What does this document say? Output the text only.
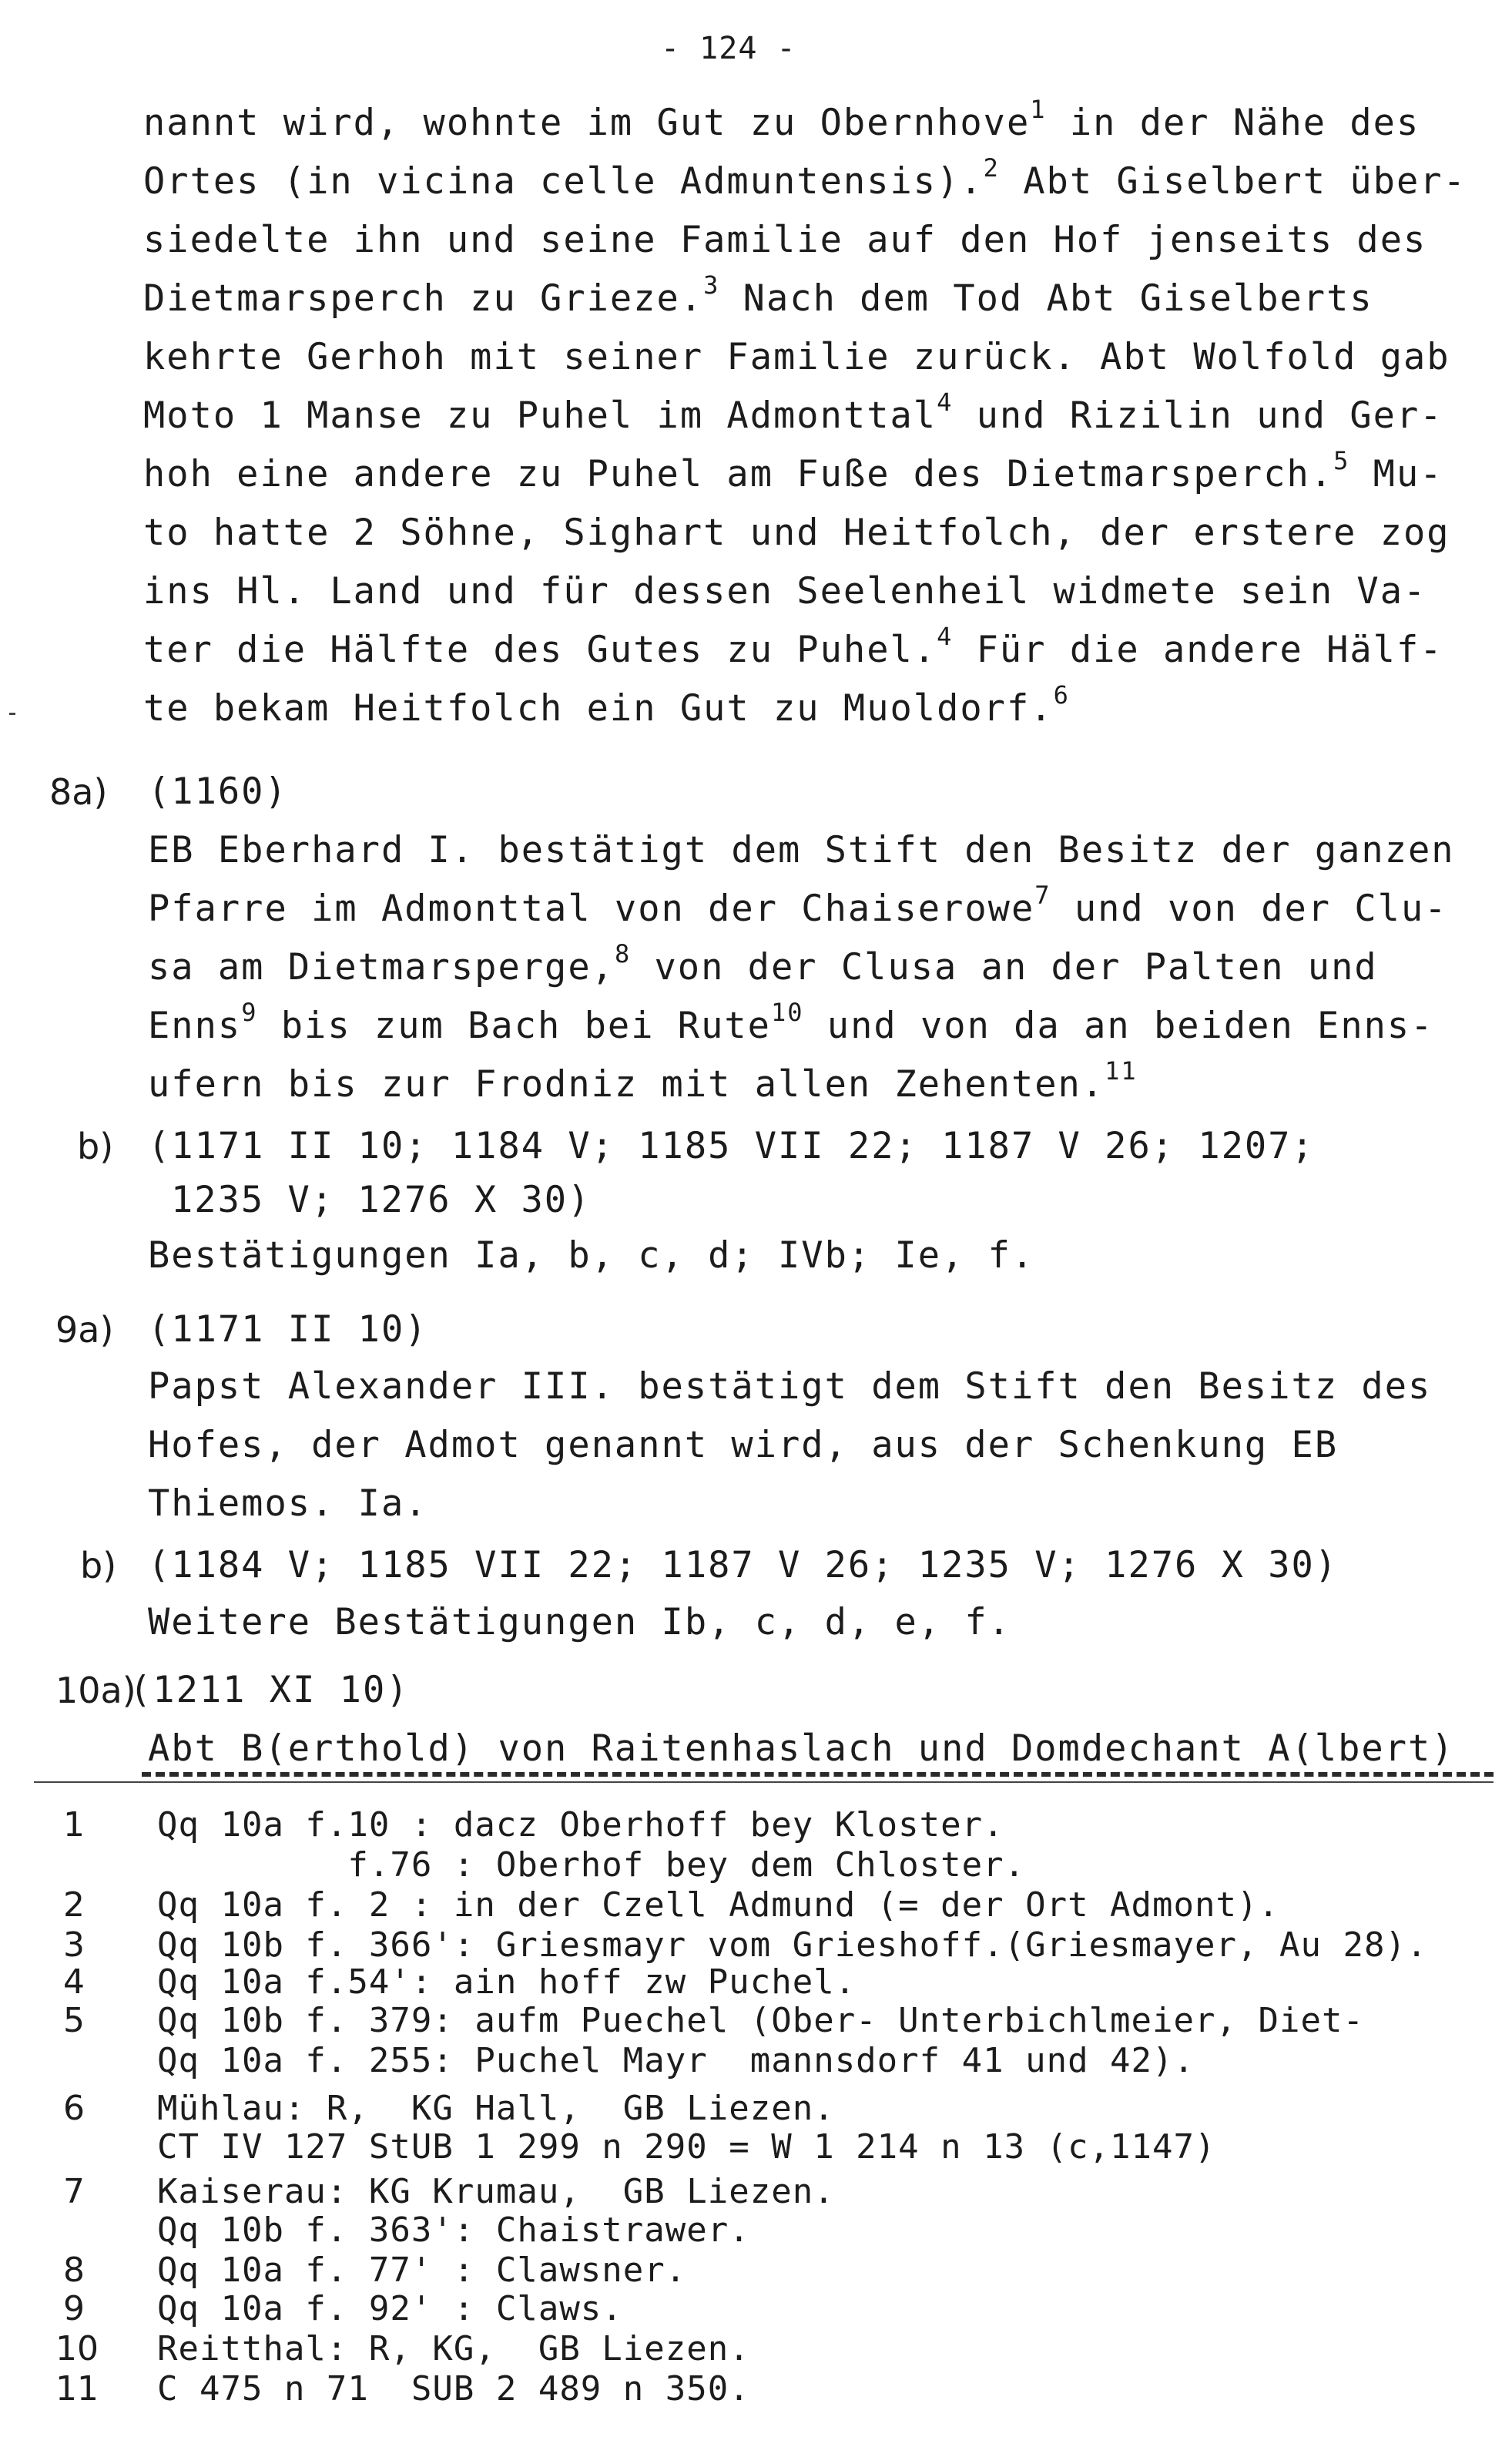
- 124 -
nannt wird, wohnte im Gut zu Obernhove$^1$ in der Nähe des
Ortes (in vicina celle Admuntensis).$^2$ Abt Giselbert über-
siedelte ihn und seine Familie auf den Hof jenseits des
Dietmarsperch zu Grieze.$^3$ Nach dem Tod Abt Giselberts
kehrte Gerhoh mit seiner Familie zurück. Abt Wolfold gab
Moto 1 Manse zu Puhel im Admonttal$^4$ und Rizilin und Ger-
hoh eine andere zu Puhel am Fuße des Dietmarsperch.$^5$ Mu-
to hatte 2 Söhne, Sighart und Heitfolch, der erstere zog
ins Hl. Land und für dessen Seelenheil widmete sein Va-
ter die Hälfte des Gutes zu Puhel.$^4$ Für die andere Hälf-
te bekam Heitfolch ein Gut zu Muoldorf.$^6$
8a) (1160)
EB Eberhard I. bestätigt dem Stift den Besitz der ganzen
Pfarre im Admonttal von der Chaiserowe$^7$ und von der Clu-
sa am Dietmarsperge,$^8$ von der Clusa an der Palten und
Enns$^9$ bis zum Bach bei Rute$^{10}$ und von da an beiden Enns-
ufern bis zur Frodniz mit allen Zehenten.$^{11}$
b) (1171 II 10; 1184 V; 1185 VII 22; 1187 V 26; 1207;
1235 V; 1276 X 30)
Bestätigungen Ia, b, c, d; IVb; Ie, f.
9a) (1171 II 10)
Papst Alexander III. bestätigt dem Stift den Besitz des
Hofes, der Admot genannt wird, aus der Schenkung EB
Thiemos. Ia.
b) (1184 V; 1185 VII 22; 1187 V 26; 1235 V; 1276 X 30)
Weitere Bestätigungen Ib, c, d, e, f.
10a)
(1211 XI 10)
Abt B(erthold) von Raitenhaslach und Domdechant A(lbert)
1 Qq 10a f.10 : dacz Oberhoff bey Kloster.
f.76 : Oberhof bey dem Chloster.
2 Qq 10a f. 2 : in der Czell Admund (= der Ort Admont).
3 Qq 10b f. 366': Griesmayr vom Grieshoff.(Griesmayer, Au 28).
4 Qq 10a f.54': ain hoff zw Puchel.
5 Qq 10b f. 379: aufm Puechel (Ober- Unterbichlmeier, Diet-
Qq 10a f. 255: Puchel Mayr  mannsdorf 41 und 42).
6 Mühlau: R,  KG Hall,  GB Liezen.
CT IV 127 StUB 1 299 n 290 = W 1 214 n 13 (c,1147)
7 Kaiserau: KG Krumau,  GB Liezen.
Qq 10b f. 363': Chaistrawer.
8 Qq 10a f. 77' : Clawsner.
9 Qq 10a f. 92' : Claws.
10 Reitthal: R, KG,  GB Liezen.
11 C 475 n 71  SUB 2 489 n 350.
